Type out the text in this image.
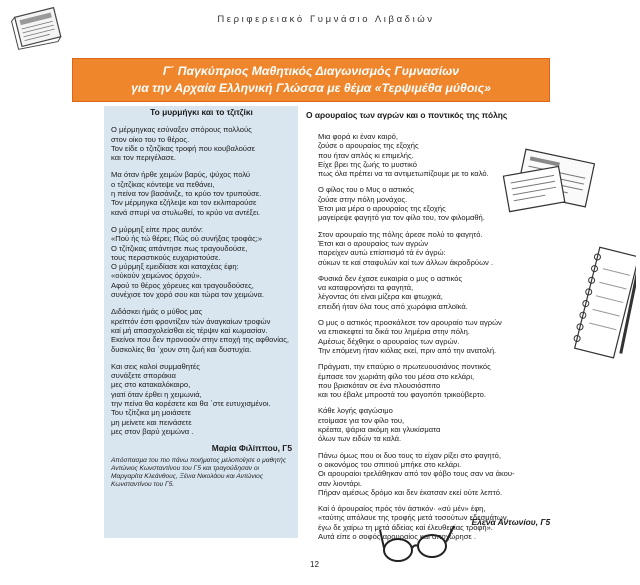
Περιφερειακό Γυμνάσιο Λιβαδιών
Γ΄ Παγκύπριος Μαθητικός Διαγωνισμός Γυμνασίων
για την Αρχαία Ελληνική Γλώσσα με θέμα «Τερψιμέθα μύθοις»
Το μυρμήγκι και το τζιτζίκι
Ο μέρμηγκας εσύναξεν σπόρους πολλούς
στον οίκο του το θέρος.
Τον είδε ο τζιτζίκας τροφή που κουβαλούσε
και τον περιγέλασε.
Μα όταν ήρθε χειμών βαρύς, ψύχος πολύ
ο τζιτζίκας κόντεψε να πεθάνει,
η πείνα τον βασάνιζε, το κρύο τον τρυπούσε.
Τον μέρμηγκα εζήλεψε και τον εκλιπαρούσε
κανά σπυρί να στυλωθεί, το κρύο να αντέξει.
Ο μύρμηξ είπε προς αυτόν:
«Πού ής τώ θέρει; Πώς ού συνήξας τροφάς;»
Ο τζίτζικας απάντησε πως τραγουδούσε,
τους περαστικούς ευχαριστούσε.
Ο μύρμηξ εμειδίασε και καταχέας έφη:
«ούκούν χειμώνος όρχού».
Αφού το θέρος χόρευες και τραγουδούσες,
συνέχισε τον χορό σου και τώρα τον χειμώνα.
Διδάσκει ήμάς ο μύθος μας
κρεϊττόν έστι φροντίζειν τών άναγκαίων τροφών
καί μή απασχολείσθαι είς τέρψιν καί κωμασίαν.
Εκείνοι που δεν προνοούν στην εποχή της αφθονίας,
δυσκολίες θα ΄χουν στη ζωή και δυστυχία.
Και σεις καλοί συμμαθητές
συνάξετε σποράκια
μες στο κατακαλόκαιρο,
γιατί όταν έρθει η χειμωνιά,
την πείνα θα κορέσετε και θα ΄στε ευτυχισμένοι.
Του τζίτζικα μη μοιάσετε
μη μείνετε και πεινάσετε
μες στον βαρύ χειμώνα .
Μαρία Φιλίππου, Γ5
Απόσπασμα του πιο πάνω ποιήματος μελοποίησε ο μαθητής Αντώνιος Κωνσταντίνου του Γ5 και τραγούδησαν οι Μαργαρίτα Κλεάνθους, Ξένια Νικολάου και Αντώνιος Κωνσταντίνου του Γ5.
Ο αρουραίος των αγρών και ο ποντικός της πόλης
Μια φορά κι έναν καιρό,
ζούσε ο αρουραίος της εξοχής
που ήταν απλός κι επιμελής.
Είχε βρει της ζωής το μυστικό
πως όλα πρέπει να τα αντιμετωπίζουμε με το καλό.
Ο φίλος του ο Μυς ο αστικός
ζούσε στην πόλη μονάχος.
Έτσι μια μέρα ο αρουραίος της εξοχής
μαγείρεψε φαγητό για τον φίλο του, τον φιλομαθή.
Στον αρουραίο της πόλης άρεσε πολύ το φαγητό.
Έτσι και ο αρουραίος των αγρών
παρείχεν αυτώ επίσιτισμό τά έν άγρώ:
σύκων τε καί σταφυλών καί των άλλων άκροδρύων .
Φυσικά δεν έχασε ευκαιρία ο μυς ο αστικός
να καταφρονήσει τα φαγητά,
λέγοντας ότι είναι μίζερα και φτωχικά,
επειδή ήταν όλα τους από χωράφια απλοϊκά.
Ο μυς ο αστικός προσκάλεσε τον αρουραίο των αγρών
να επισκεφτεί τα δικά του λημέρια στην πόλη.
Αμέσως δέχθηκε ο αρουραίος των αγρών.
Την επόμενη ήταν κιόλας εκεί, πριν από την ανατολή.
Πράγματι, την επαύριο ο πρωτευουσιάνος ποντικός
έμπασε τον χωριάτη φίλο του μέσα στο κελάρι,
που βρισκόταν σε ένα πλουσιόσπιτο
και του έβαλε μπροστά του φαγοπότι τρικούβερτο.
Κάθε λογής φαγώσιμο
ετοίμασε για τον φίλο του,
κρέατα, ψάρια ακόμη και γλυκίσματα
όλων των ειδών τα καλά.
Πάνω όμως που οι δυο τους το είχαν ρίξει στο φαγητό,
ο οικονόμος του σπιτιού μπήκε στο κελάρι.
Οι αρουραίοι τρελάθηκαν από τον φόβο τους σαν να άκου-
σαν λιοντάρι.
Πήραν αμέσως δρόμο και δεν έκατσαν εκεί ούτε λεπτό.
Καί ό άρουραίος πρός τόν άστικόν· «σύ μέν» έφη,
«ταύτης απόλαυε της τροφής μετά τοσούτων εδεσμάτων,
έγω δε χαίρω τη μετά άδείας καί έλευθερίας τροφή».
Αυτά είπε ο σοφός αρουραίος και αποχώρησε .
Έλενα Αντωνίου, Γ5
12
